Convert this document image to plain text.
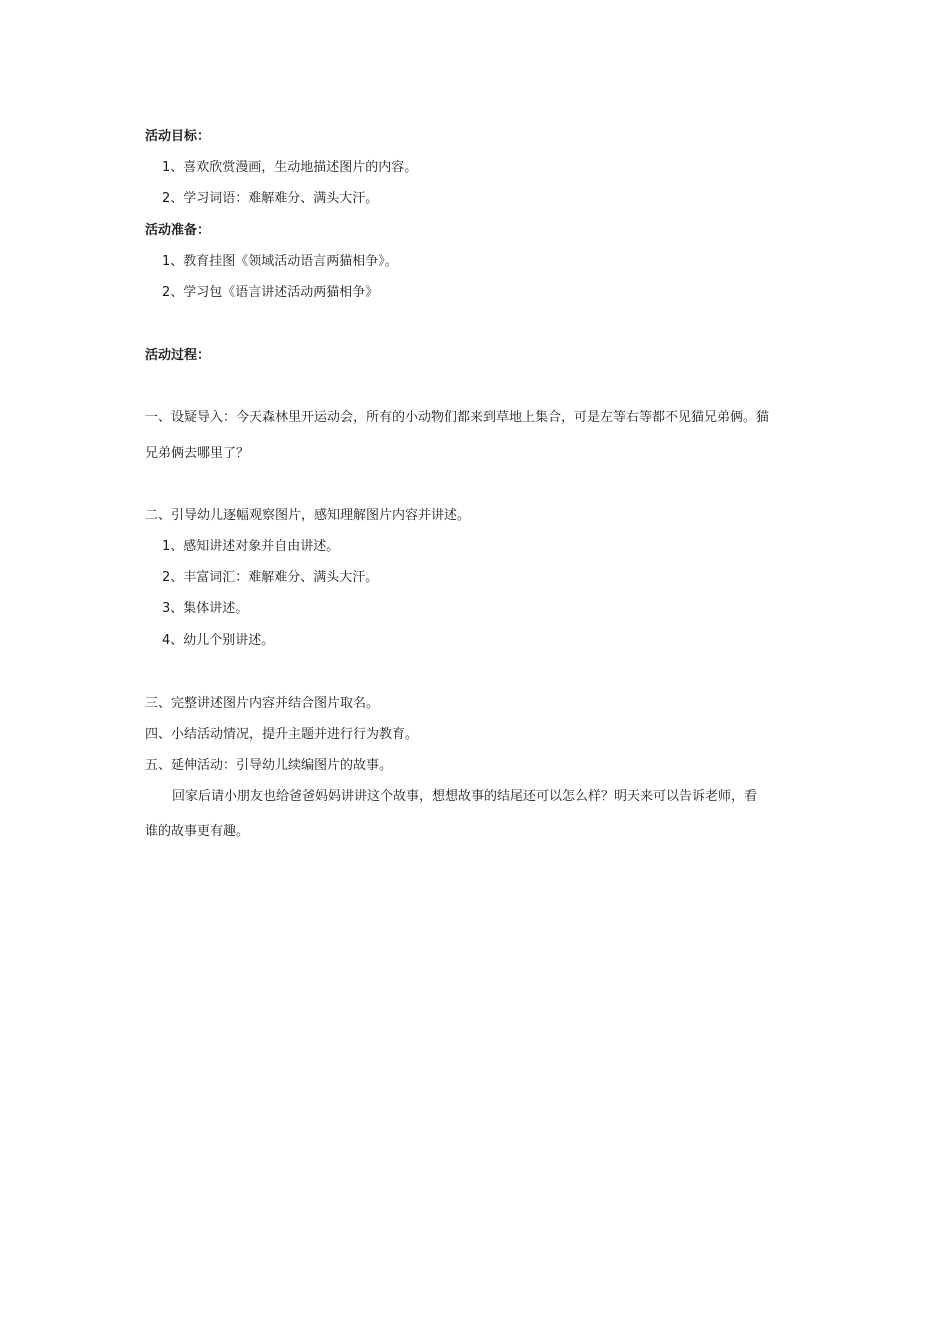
活动目标：
1、喜欢欣赏漫画，生动地描述图片的内容。
2、学习词语：难解难分、满头大汗。
活动准备：
1、教育挂图《领域活动语言两猫相争》。
2、学习包《语言讲述活动两猫相争》
活动过程：
一、设疑导入：今天森林里开运动会，所有的小动物们都来到草地上集合，可是左等右等都不见猫兄弟俩。猫
兄弟俩去哪里了？
二、引导幼儿逐幅观察图片，感知理解图片内容并讲述。
1、感知讲述对象并自由讲述。
2、丰富词汇：难解难分、满头大汗。
3、集体讲述。
4、幼儿个别讲述。
三、完整讲述图片内容并结合图片取名。
四、小结活动情况，提升主题并进行行为教育。
五、延伸活动：引导幼儿续编图片的故事。
回家后请小朋友也给爸爸妈妈讲讲这个故事，想想故事的结尾还可以怎么样？明天来可以告诉老师，看
谁的故事更有趣。
